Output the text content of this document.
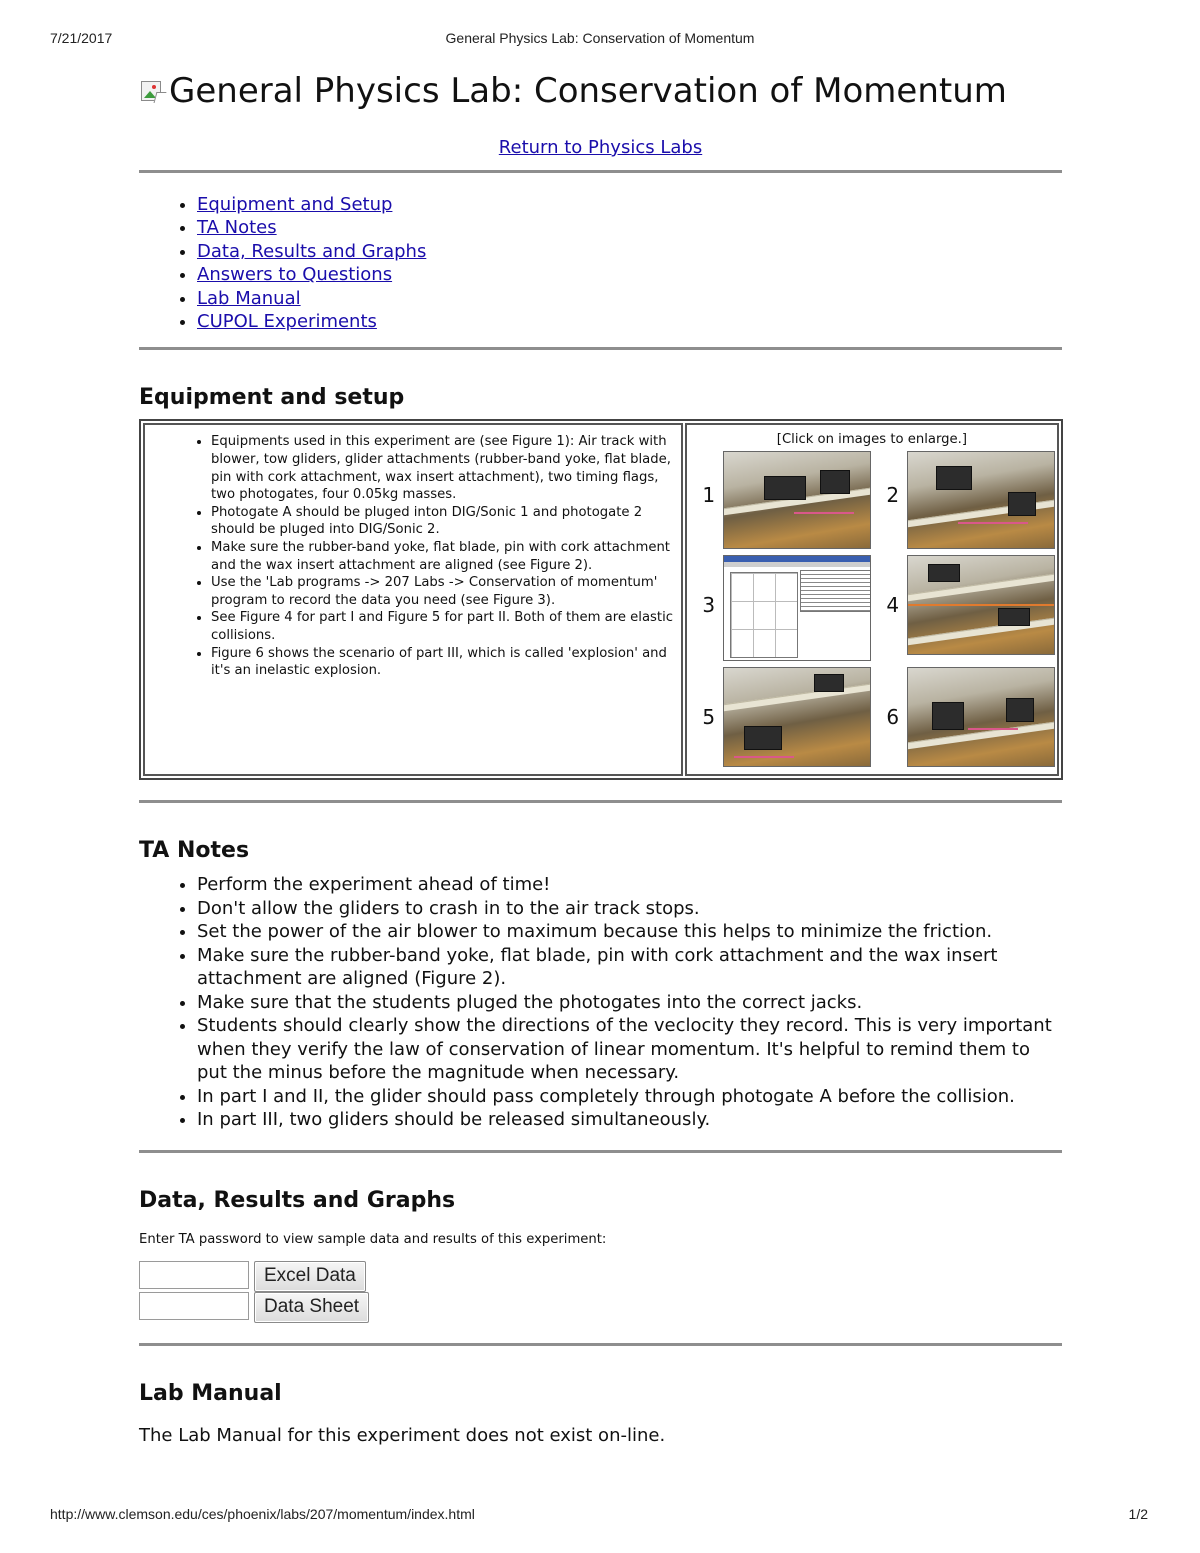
7/21/2017	General Physics Lab: Conservation of Momentum
General Physics Lab: Conservation of Momentum
Return to Physics Labs
• Equipment and Setup
• TA Notes
• Data, Results and Graphs
• Answers to Questions
• Lab Manual
• CUPOL Experiments
Equipment and setup
• Equipments used in this experiment are (see Figure 1): Air track with blower, tow gliders, glider attachments (rubber-band yoke, flat blade, pin with cork attachment, wax insert attachment), two timing flags, two photogates, four 0.05kg masses.
• Photogate A should be pluged inton DIG/Sonic 1 and photogate 2 should be pluged into DIG/Sonic 2.
• Make sure the rubber-band yoke, flat blade, pin with cork attachment and the wax insert attachment are aligned (see Figure 2).
• Use the 'Lab programs -> 207 Labs -> Conservation of momentum' program to record the data you need (see Figure 3).
• See Figure 4 for part I and Figure 5 for part II. Both of them are elastic collisions.
• Figure 6 shows the scenario of part III, which is called 'explosion' and it's an inelastic explosion.

[Click on images to enlarge.]
1	2
3	4
5	6
TA Notes
• Perform the experiment ahead of time!
• Don't allow the gliders to crash in to the air track stops.
• Set the power of the air blower to maximum because this helps to minimize the friction.
• Make sure the rubber-band yoke, flat blade, pin with cork attachment and the wax insert attachment are aligned (Figure 2).
• Make sure that the students pluged the photogates into the correct jacks.
• Students should clearly show the directions of the veclocity they record. This is very important when they verify the law of conservation of linear momentum. It's helpful to remind them to put the minus before the magnitude when necessary.
• In part I and II, the glider should pass completely through photogate A before the collision.
• In part III, two gliders should be released simultaneously.
Data, Results and Graphs

Enter TA password to view sample data and results of this experiment:

Excel Data
Data Sheet
Lab Manual

The Lab Manual for this experiment does not exist on-line.

http://www.clemson.edu/ces/phoenix/labs/207/momentum/index.html	1/2
